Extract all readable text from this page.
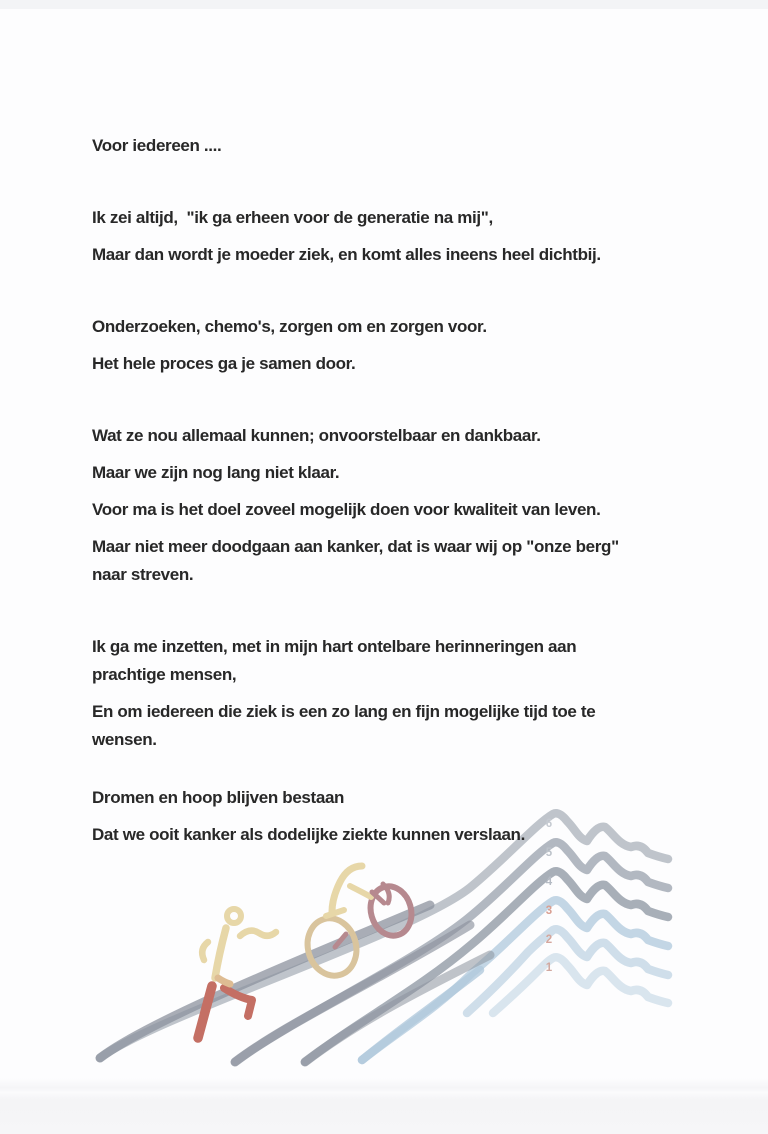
1
2
3
4
5
6

Voor iedereen ....

Ik zei altijd,  "ik ga erheen voor de generatie na mij",

Maar dan wordt je moeder ziek, en komt alles ineens heel dichtbij.

Onderzoeken, chemo's, zorgen om en zorgen voor.

Het hele proces ga je samen door.

Wat ze nou allemaal kunnen; onvoorstelbaar en dankbaar.

Maar we zijn nog lang niet klaar.

Voor ma is het doel zoveel mogelijk doen voor kwaliteit van leven.

Maar niet meer doodgaan aan kanker, dat is waar wij op "onze berg"

naar streven.

Ik ga me inzetten, met in mijn hart ontelbare herinneringen aan

prachtige mensen,

En om iedereen die ziek is een zo lang en fijn mogelijke tijd toe te

wensen.

Dromen en hoop blijven bestaan

Dat we ooit kanker als dodelijke ziekte kunnen verslaan.
